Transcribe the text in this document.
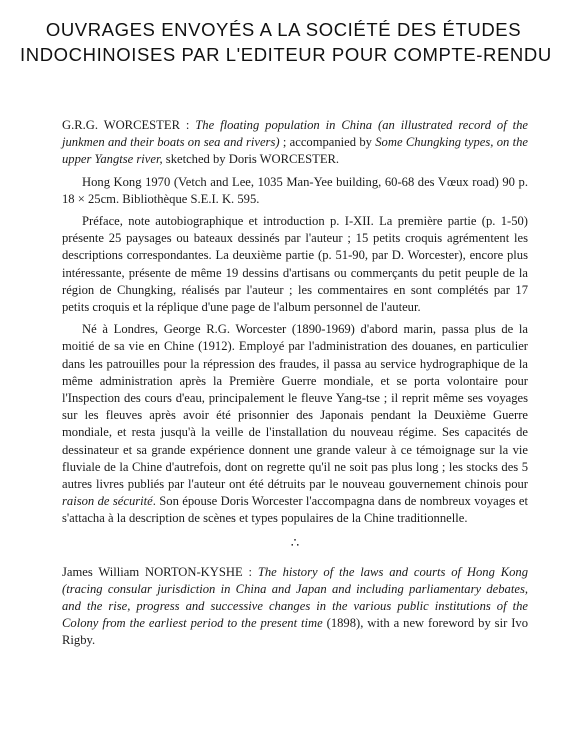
OUVRAGES ENVOYÉS A LA SOCIÉTÉ DES ÉTUDES
INDOCHINOISES PAR L'EDITEUR POUR COMPTE-RENDU

G.R.G. WORCESTER : The floating population in China (an illustrated record of the junkmen and their boats on sea and rivers) ; accompanied by Some Chungking types, on the upper Yangtse river, sketched by Doris WORCESTER.

Hong Kong 1970 (Vetch and Lee, 1035 Man-Yee building, 60-68 des Vœux road) 90 p. 18 × 25cm. Bibliothèque S.E.I. K. 595.

Préface, note autobiographique et introduction p. I-XII. La première partie (p. 1-50) présente 25 paysages ou bateaux dessinés par l'auteur ; 15 petits croquis agrémentent les descriptions correspondantes. La deuxième partie (p. 51-90, par D. Worcester), encore plus intéressante, présente de même 19 dessins d'artisans ou commerçants du petit peuple de la région de Chungking, réalisés par l'auteur ; les commentaires en sont complétés par 17 petits croquis et la réplique d'une page de l'album personnel de l'auteur.

Né à Londres, George R.G. Worcester (1890-1969) d'abord marin, passa plus de la moitié de sa vie en Chine (1912). Employé par l'administration des douanes, en particulier dans les patrouilles pour la répression des fraudes, il passa au service hydrographique de la même administration après la Première Guerre mondiale, et se porta volontaire pour l'Inspection des cours d'eau, principalement le fleuve Yang-tse ; il reprit même ses voyages sur les fleuves après avoir été prisonnier des Japonais pendant la Deuxième Guerre mondiale, et resta jusqu'à la veille de l'installation du nouveau régime. Ses capacités de dessinateur et sa grande expérience donnent une grande valeur à ce témoignage sur la vie fluviale de la Chine d'autrefois, dont on regrette qu'il ne soit pas plus long ; les stocks des 5 autres livres publiés par l'auteur ont été détruits par le nouveau gouvernement chinois pour raison de sécurité. Son épouse Doris Worcester l'accompagna dans de nombreux voyages et s'attacha à la description de scènes et types populaires de la Chine traditionnelle.

∴

James William NORTON-KYSHE : The history of the laws and courts of Hong Kong (tracing consular jurisdiction in China and Japan and including parliamentary debates, and the rise, progress and successive changes in the various public institutions of the Colony from the earliest period to the present time (1898), with a new foreword by sir Ivo Rigby.
